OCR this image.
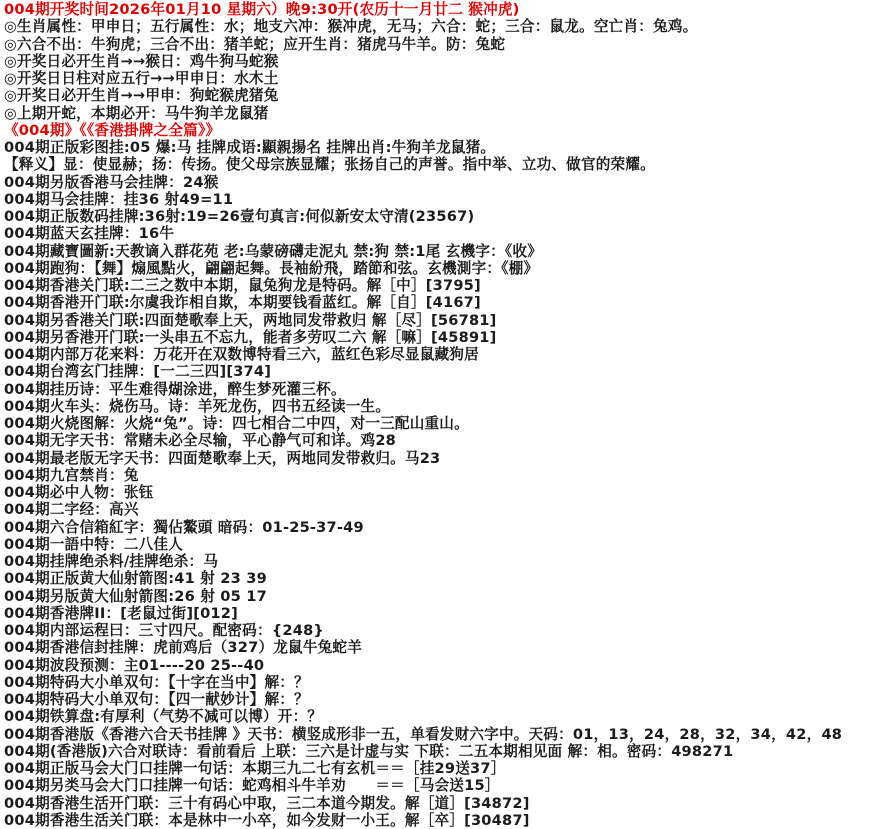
004期开奖时间2026年01月10 星期六）晚9:30开(农历十一月廿二 猴冲虎)
◎生肖属性：甲申日；五行属性：水；地支六冲：猴冲虎，无马；六合：蛇；三合：鼠龙。空亡肖：兔鸡。
◎六合不出：牛狗虎；三合不出：猪羊蛇；应开生肖：猪虎马牛羊。防：兔蛇
◎开奖日必开生肖→→猴日：鸡牛狗马蛇猴
◎开奖日日柱对应五行→→甲申日：水木土
◎开奖日必开生肖→→甲申：狗蛇猴虎猪兔
◎上期开蛇，本期必开：马牛狗羊龙鼠猪
《004期》《《香港掛牌之全篇》》
004期正版彩图挂:05 爆:马 挂牌成语:顯親揚名 挂牌出肖:牛狗羊龙鼠猪。
【释义】显：使显赫；扬：传扬。使父母宗族显耀；张扬自己的声誉。指中举、立功、做官的荣耀。
004期另版香港马会挂牌：24猴
004期马会挂牌：挂36 射49=11
004期正版数码挂牌:36射:19=26壹句真言:何似新安太守清(23567)
004期蓝天玄挂牌：16牛
004期藏寶圖新:天教谪入群花苑 老:乌蒙磅礴走泥丸 禁:狗 禁:1尾 玄機字：《收》
004期跑狗：【舞】煽風點火，翩翩起舞。長袖紛飛，踏節和弦。玄機測字：《棚》
004期香港关门联:二三之数中本期，鼠兔狗龙是特码。解［中］[3795]
004期香港开门联:尔虞我诈相自欺，本期要钱看蓝红。解［自］[4167]
004期另香港关门联:四面楚歌奉上天，两地同发带救归 解［尽］[56781]
004期另香港开门联:一头串五不忘九，能者多劳叹二六 解［嘛］[45891]
004期内部万花来料：万花开在双数博特看三六，蓝红色彩尽显鼠藏狗居
004期台湾玄门挂牌：[一二三四][374]
004期挂历诗：平生难得煳涂进，醉生梦死灌三杯。
004期火车头：烧伤马。诗：羊死龙伤，四书五经读一生。
004期火烧图解：火烧“兔”。诗：四七相合二中四，对一三配山重山。
004期无字天书：常赌未必全尽输，平心静气可和详。鸡28
004期最老版无字天书：四面楚歌奉上天，两地同发带救归。马23
004期九宫禁肖：兔
004期必中人物：张钰
004期二字经：高兴
004期六合信箱紅字：獨佔鰲頭 暗码：01-25-37-49
004期一語中特：二八佳人
004期挂牌绝杀料/挂牌绝杀：马
004期正版黄大仙射箭图:41 射 23 39
004期另版黄大仙射箭图:26 射 05 17
004期香港牌II：[老鼠过街][012]
004期内部运程曰：三寸四尺。配密码：{248}
004期香港信封挂牌：虎前鸡后（327）龙鼠牛兔蛇羊
004期波段预测：主01----20 25--40
004期特码大小单双句：【十字在当中】解：？
004期特码大小单双句：【四一献妙计】解：？
004期铁算盘:有厚利（气势不减可以博）开：？
004期香港版《香港六合天书挂牌 》天书：横竖成形非一五，单看发财六字中。天码：01，13，24，28，32，34，42，48
004期(香港版)六合对联诗：看前看后 上联：三六是计虚与实 下联：二五本期相见面 解：相。密码：498271
004期正版马会大门口挂牌一句话：本期三九二七有玄机＝＝［挂29送37］
004期另类马会大门口挂牌一句话：蛇鸡相斗牛羊劝　　＝＝［马会送15］
004期香港生活开门联：三十有码心中取，三二本道今期发。解［道］[34872]
004期香港生活关门联：本是林中一小卒，如今发财一小王。解［卒］[30487]
